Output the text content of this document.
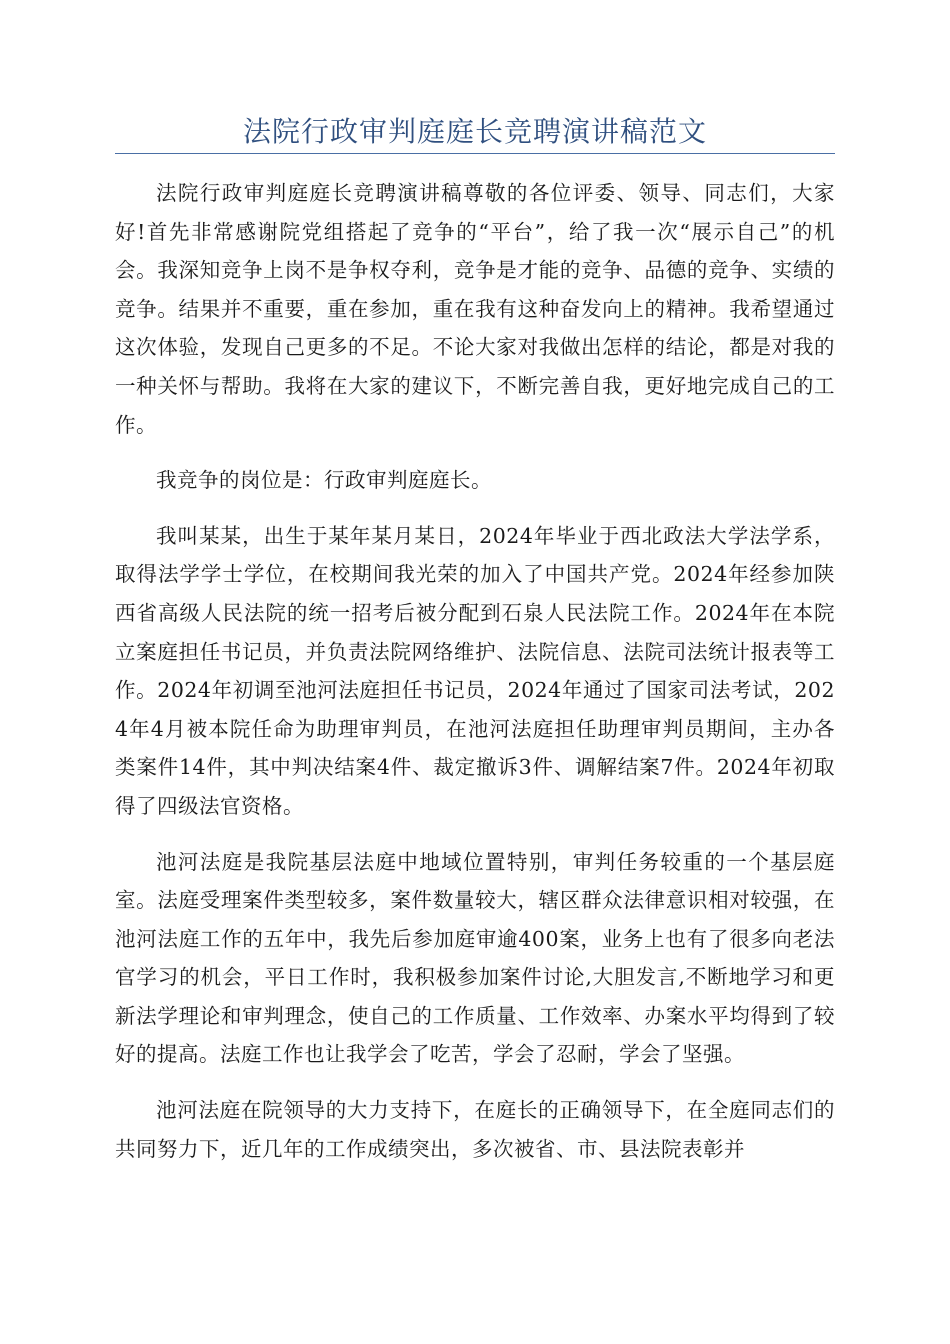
法院行政审判庭庭长竞聘演讲稿范文

法院行政审判庭庭长竞聘演讲稿尊敬的各位评委、领导、同志们，大家好!首先非常感谢院党组搭起了竞争的“平台”，给了我一次“展示自己”的机会。我深知竞争上岗不是争权夺利，竞争是才能的竞争、品德的竞争、实绩的竞争。结果并不重要，重在参加，重在我有这种奋发向上的精神。我希望通过这次体验，发现自己更多的不足。不论大家对我做出怎样的结论，都是对我的一种关怀与帮助。我将在大家的建议下，不断完善自我，更好地完成自己的工作。

我竞争的岗位是：行政审判庭庭长。

我叫某某，出生于某年某月某日，2024年毕业于西北政法大学法学系，取得法学学士学位，在校期间我光荣的加入了中国共产党。2024年经参加陕西省高级人民法院的统一招考后被分配到石泉人民法院工作。2024年在本院立案庭担任书记员，并负责法院网络维护、法院信息、法院司法统计报表等工作。2024年初调至池河法庭担任书记员，2024年通过了国家司法考试，2024年4月被本院任命为助理审判员，在池河法庭担任助理审判员期间，主办各类案件14件，其中判决结案4件、裁定撤诉3件、调解结案7件。2024年初取得了四级法官资格。

池河法庭是我院基层法庭中地域位置特别，审判任务较重的一个基层庭室。法庭受理案件类型较多，案件数量较大，辖区群众法律意识相对较强，在池河法庭工作的五年中，我先后参加庭审逾400案，业务上也有了很多向老法官学习的机会，平日工作时，我积极参加案件讨论,大胆发言,不断地学习和更新法学理论和审判理念，使自己的工作质量、工作效率、办案水平均得到了较好的提高。法庭工作也让我学会了吃苦，学会了忍耐，学会了坚强。

池河法庭在院领导的大力支持下，在庭长的正确领导下，在全庭同志们的共同努力下，近几年的工作成绩突出，多次被省、市、县法院表彰并
